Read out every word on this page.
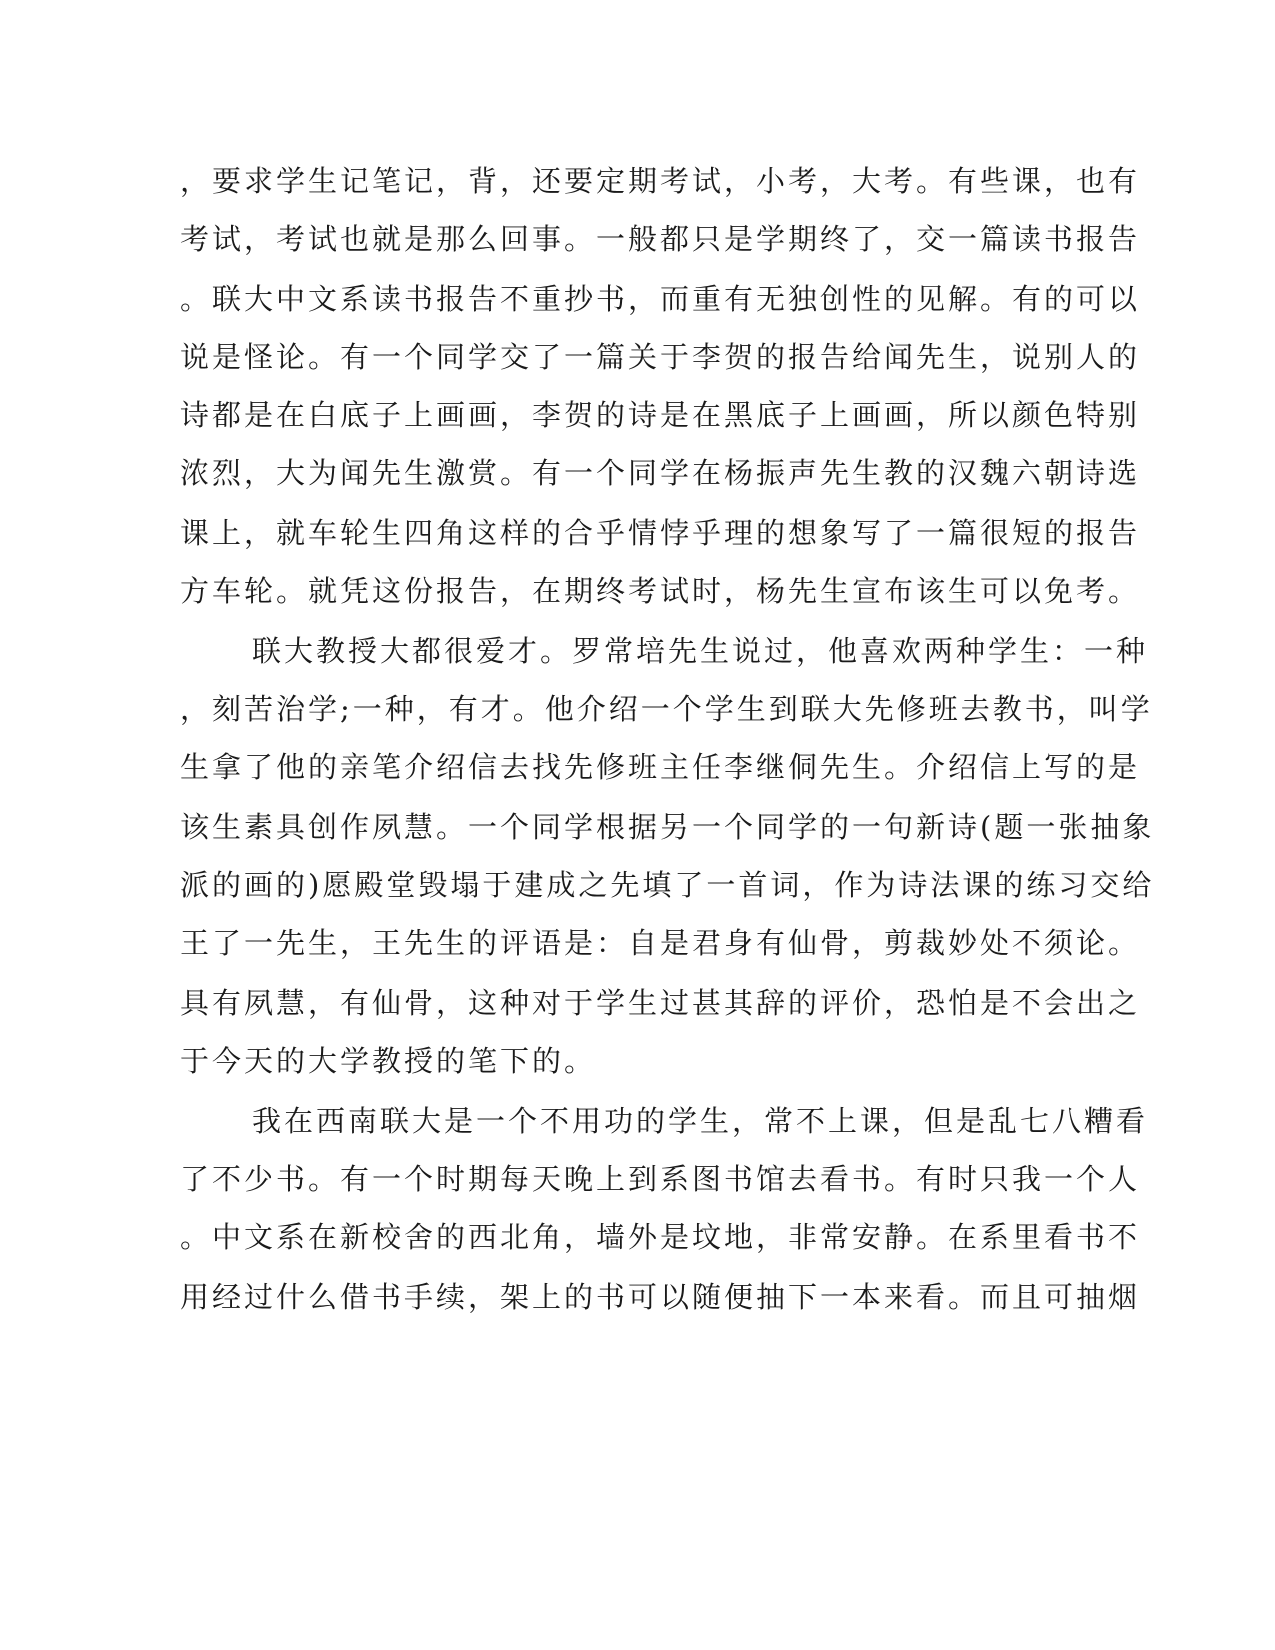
，要求学生记笔记，背，还要定期考试，小考，大考。有些课，也有
考试，考试也就是那么回事。一般都只是学期终了，交一篇读书报告
。联大中文系读书报告不重抄书，而重有无独创性的见解。有的可以
说是怪论。有一个同学交了一篇关于李贺的报告给闻先生，说别人的
诗都是在白底子上画画，李贺的诗是在黑底子上画画，所以颜色特别
浓烈，大为闻先生激赏。有一个同学在杨振声先生教的汉魏六朝诗选
课上，就车轮生四角这样的合乎情悖乎理的想象写了一篇很短的报告
方车轮。就凭这份报告，在期终考试时，杨先生宣布该生可以免考。
联大教授大都很爱才。罗常培先生说过，他喜欢两种学生：一种
，刻苦治学;一种，有才。他介绍一个学生到联大先修班去教书，叫学
生拿了他的亲笔介绍信去找先修班主任李继侗先生。介绍信上写的是
该生素具创作夙慧。一个同学根据另一个同学的一句新诗(题一张抽象
派的画的)愿殿堂毁塌于建成之先填了一首词，作为诗法课的练习交给
王了一先生，王先生的评语是：自是君身有仙骨，剪裁妙处不须论。
具有夙慧，有仙骨，这种对于学生过甚其辞的评价，恐怕是不会出之
于今天的大学教授的笔下的。
我在西南联大是一个不用功的学生，常不上课，但是乱七八糟看
了不少书。有一个时期每天晚上到系图书馆去看书。有时只我一个人
。中文系在新校舍的西北角，墙外是坟地，非常安静。在系里看书不
用经过什么借书手续，架上的书可以随便抽下一本来看。而且可抽烟
